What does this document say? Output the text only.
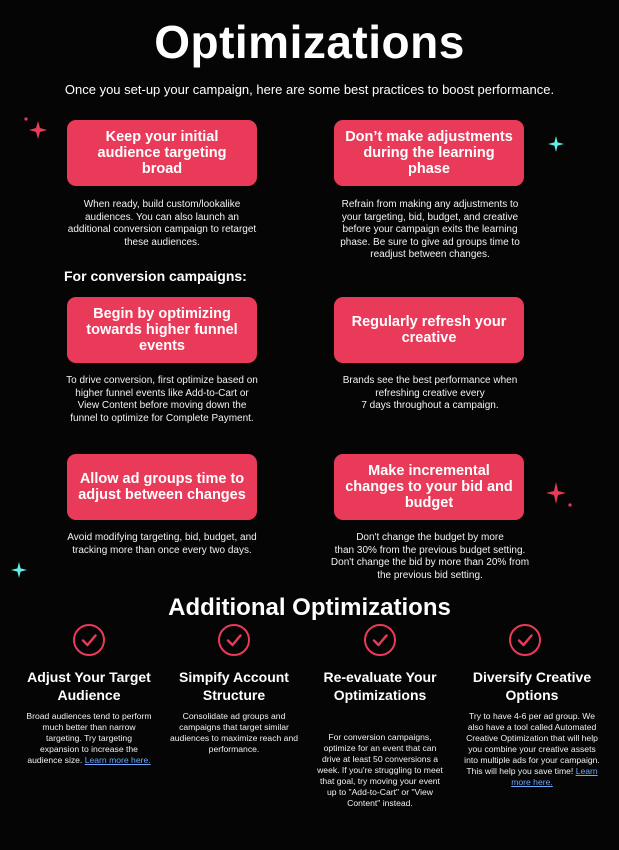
Optimizations
Once you set-up your campaign, here are some best practices to boost performance.
Keep your initial audience targeting broad
When ready, build custom/lookalike
audiences. You can also launch an
additional conversion campaign to retarget
these audiences.
Don’t make adjustments during the learning phase
Refrain from making any adjustments to
your targeting, bid, budget, and creative
before your campaign exits the learning
phase. Be sure to give ad groups time to
readjust between changes.
For conversion campaigns:
Begin by optimizing towards higher funnel events
To drive conversion, first optimize based on
higher funnel events like Add-to-Cart or
View Content before moving down the
funnel to optimize for Complete Payment.
Regularly refresh your creative
Brands see the best performance when
refreshing creative every
7 days throughout a campaign.
Allow ad groups time to adjust between changes
Avoid modifying targeting, bid, budget, and
tracking more than once every two days.
Make incremental changes to your bid and budget
Don't change the budget by more
than 30% from the previous budget setting.
Don't change the bid by more than 20% from
the previous bid setting.
Additional Optimizations
Adjust Your Target Audience
Broad audiences tend to perform much better than narrow targeting. Try targeting expansion to increase the audience size. Learn more here.
Simpify Account Structure
Consolidate ad groups and campaigns that target similar audiences to maximize reach and performance.
Re-evaluate Your Optimizations
For conversion campaigns, optimize for an event that can drive at least 50 conversions a week. If you're struggling to meet that goal, try moving your event up to "Add-to-Cart" or "View Content" instead.
Diversify Creative Options
Try to have 4-6 per ad group. We also have a tool called Automated Creative Optimization that will help you combine your creative assets into multiple ads for your campaign. This will help you save time! Learn more here.
